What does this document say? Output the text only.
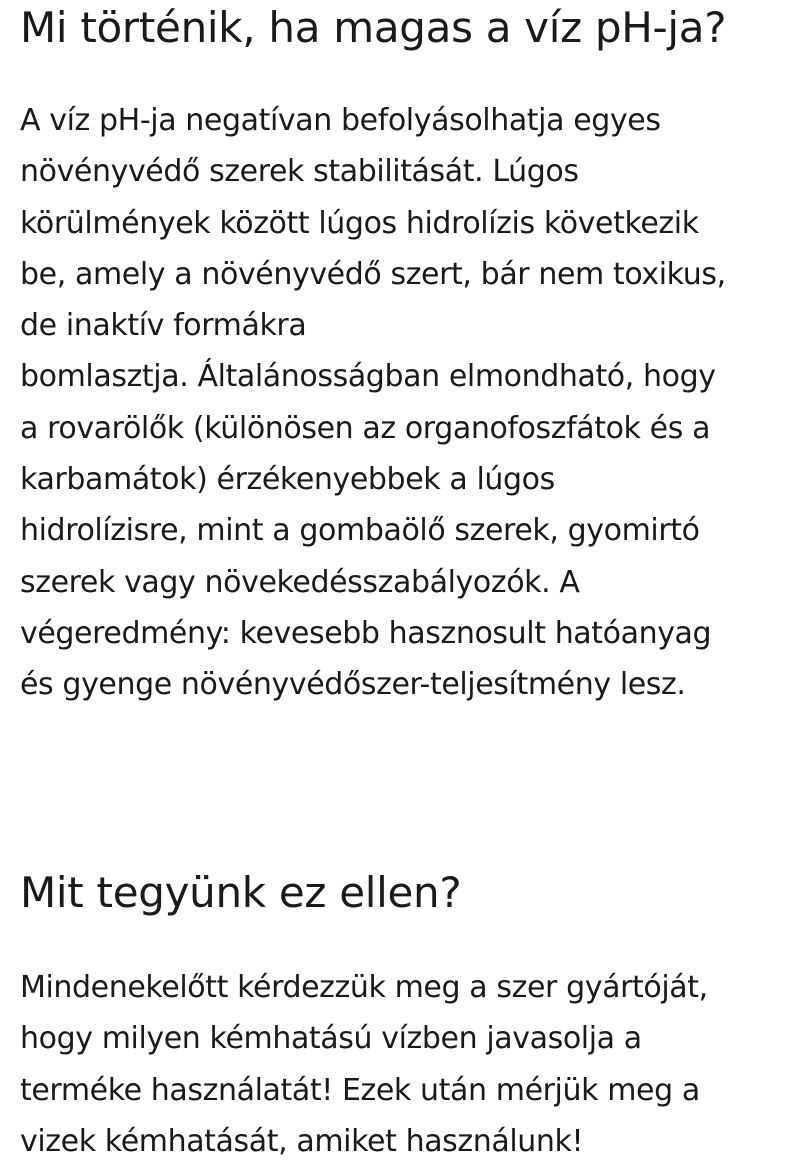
Mi történik, ha magas a víz pH-ja?
A víz pH-ja negatívan befolyásolhatja egyes
növényvédő szerek stabilitását. Lúgos
körülmények között lúgos hidrolízis következik
be, amely a növényvédő szert, bár nem toxikus,
de inaktív formákra
bomlasztja. Általánosságban elmondható, hogy
a rovarölők (különösen az organofoszfátok és a
karbamátok) érzékenyebbek a lúgos
hidrolízisre, mint a gombaölő szerek, gyomirtó
szerek vagy növekedésszabályozók. A
végeredmény: kevesebb hasznosult hatóanyag
és gyenge növényvédőszer-teljesítmény lesz.
Mit tegyünk ez ellen?
Mindenekelőtt kérdezzük meg a szer gyártóját,
hogy milyen kémhatású vízben javasolja a
terméke használatát! Ezek után mérjük meg a
vizek kémhatását, amiket használunk!
